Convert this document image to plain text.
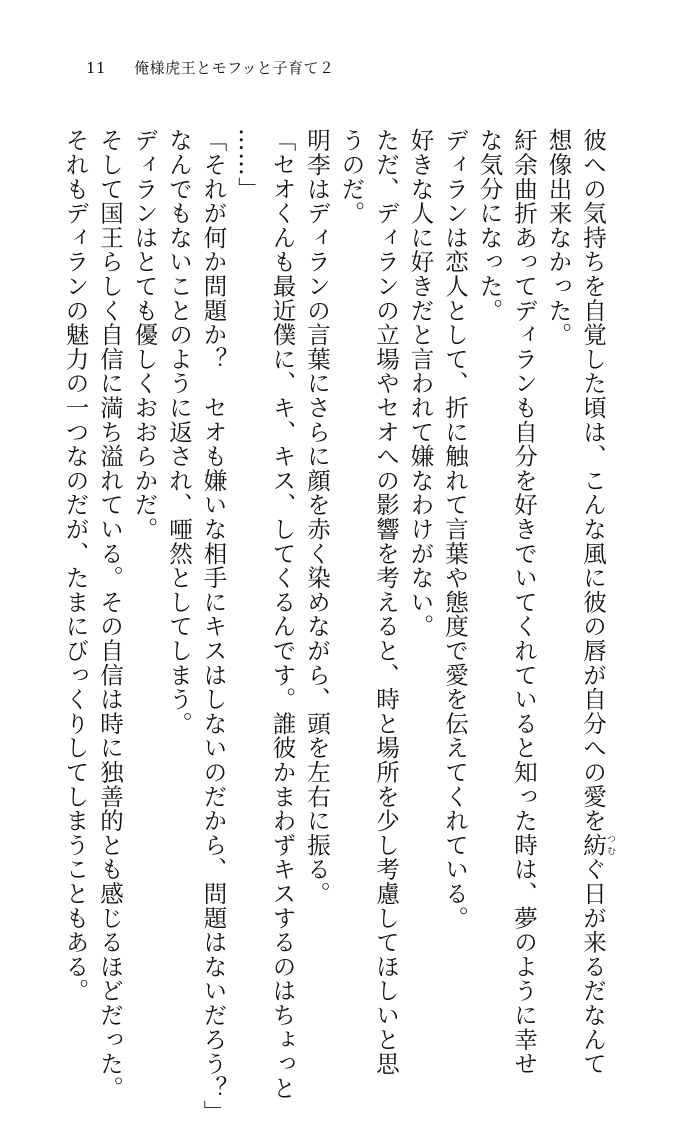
11 俺様虎王とモフッと子育て２

彼への気持ちを自覚した頃は、こんな風に彼の唇が自分への愛を紡つむぐ日が来るだなんて

想像出来なかった。

紆余曲折あってディランも自分を好きでいてくれていると知った時は、夢のように幸せ

な気分になった。

ディランは恋人として、折に触れて言葉や態度で愛を伝えてくれている。

好きな人に好きだと言われて嫌なわけがない。

ただ、ディランの立場やセオへの影響を考えると、時と場所を少し考慮してほしいと思

うのだ。

明李はディランの言葉にさらに顔を赤く染めながら、頭を左右に振る。

「セオくんも最近僕に、キ、キス、してくるんです。誰彼かまわずキスするのはちょっと

……」

「それが何か問題か？　セオも嫌いな相手にキスはしないのだから、問題はないだろう？」

なんでもないことのように返され、唖然としてしまう。

ディランはとても優しくおおらかだ。

そして国王らしく自信に満ち溢れている。その自信は時に独善的とも感じるほどだった。

それもディランの魅力の一つなのだが、たまにびっくりしてしまうこともある。
